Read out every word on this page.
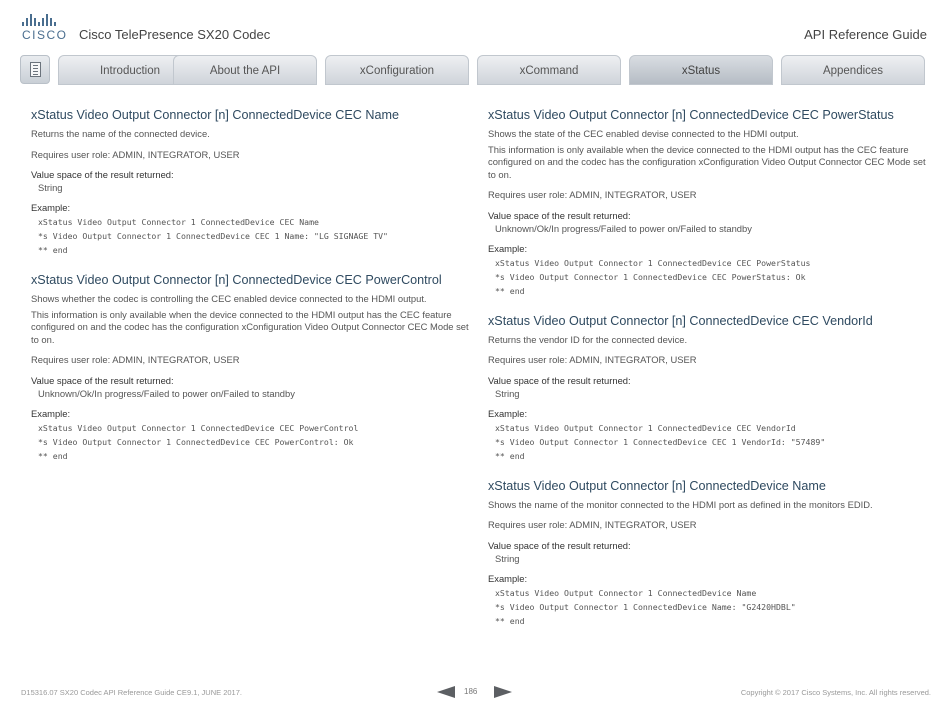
CISCO Cisco TelePresence SX20 Codec	API Reference Guide
Introduction	About the API	xConfiguration	xCommand	xStatus	Appendices
xStatus Video Output Connector [n] ConnectedDevice CEC Name

Returns the name of the connected device.

Requires user role: ADMIN, INTEGRATOR, USER

Value space of the result returned:

String

Example:

xStatus Video Output Connector 1 ConnectedDevice CEC Name
*s Video Output Connector 1 ConnectedDevice CEC 1 Name: "LG SIGNAGE TV"
** end
xStatus Video Output Connector [n] ConnectedDevice CEC PowerControl

Shows whether the codec is controlling the CEC enabled device connected to the HDMI output.

This information is only available when the device connected to the HDMI output has the CEC feature configured on and the codec has the configuration xConfiguration Video Output Connector CEC Mode set to on.

Requires user role: ADMIN, INTEGRATOR, USER

Value space of the result returned:

Unknown/Ok/In progress/Failed to power on/Failed to standby

Example:

xStatus Video Output Connector 1 ConnectedDevice CEC PowerControl
*s Video Output Connector 1 ConnectedDevice CEC PowerControl: Ok
** end
xStatus Video Output Connector [n] ConnectedDevice CEC PowerStatus

Shows the state of the CEC enabled devise connected to the HDMI output.

This information is only available when the device connected to the HDMI output has the CEC feature configured on and the codec has the configuration xConfiguration Video Output Connector CEC Mode set to on.

Requires user role: ADMIN, INTEGRATOR, USER

Value space of the result returned:

Unknown/Ok/In progress/Failed to power on/Failed to standby

Example:

xStatus Video Output Connector 1 ConnectedDevice CEC PowerStatus
*s Video Output Connector 1 ConnectedDevice CEC PowerStatus: Ok
** end
xStatus Video Output Connector [n] ConnectedDevice CEC VendorId

Returns the vendor ID for the connected device.

Requires user role: ADMIN, INTEGRATOR, USER

Value space of the result returned:

String

Example:

xStatus Video Output Connector 1 ConnectedDevice CEC VendorId
*s Video Output Connector 1 ConnectedDevice CEC 1 VendorId: "57489"
** end
xStatus Video Output Connector [n] ConnectedDevice Name

Shows the name of the monitor connected to the HDMI port as defined in the monitors EDID.

Requires user role: ADMIN, INTEGRATOR, USER

Value space of the result returned:

String

Example:

xStatus Video Output Connector 1 ConnectedDevice Name
*s Video Output Connector 1 ConnectedDevice Name: "G2420HDBL"
** end
D15316.07 SX20 Codec API Reference Guide CE9.1, JUNE 2017.	186	Copyright © 2017 Cisco Systems, Inc. All rights reserved.
